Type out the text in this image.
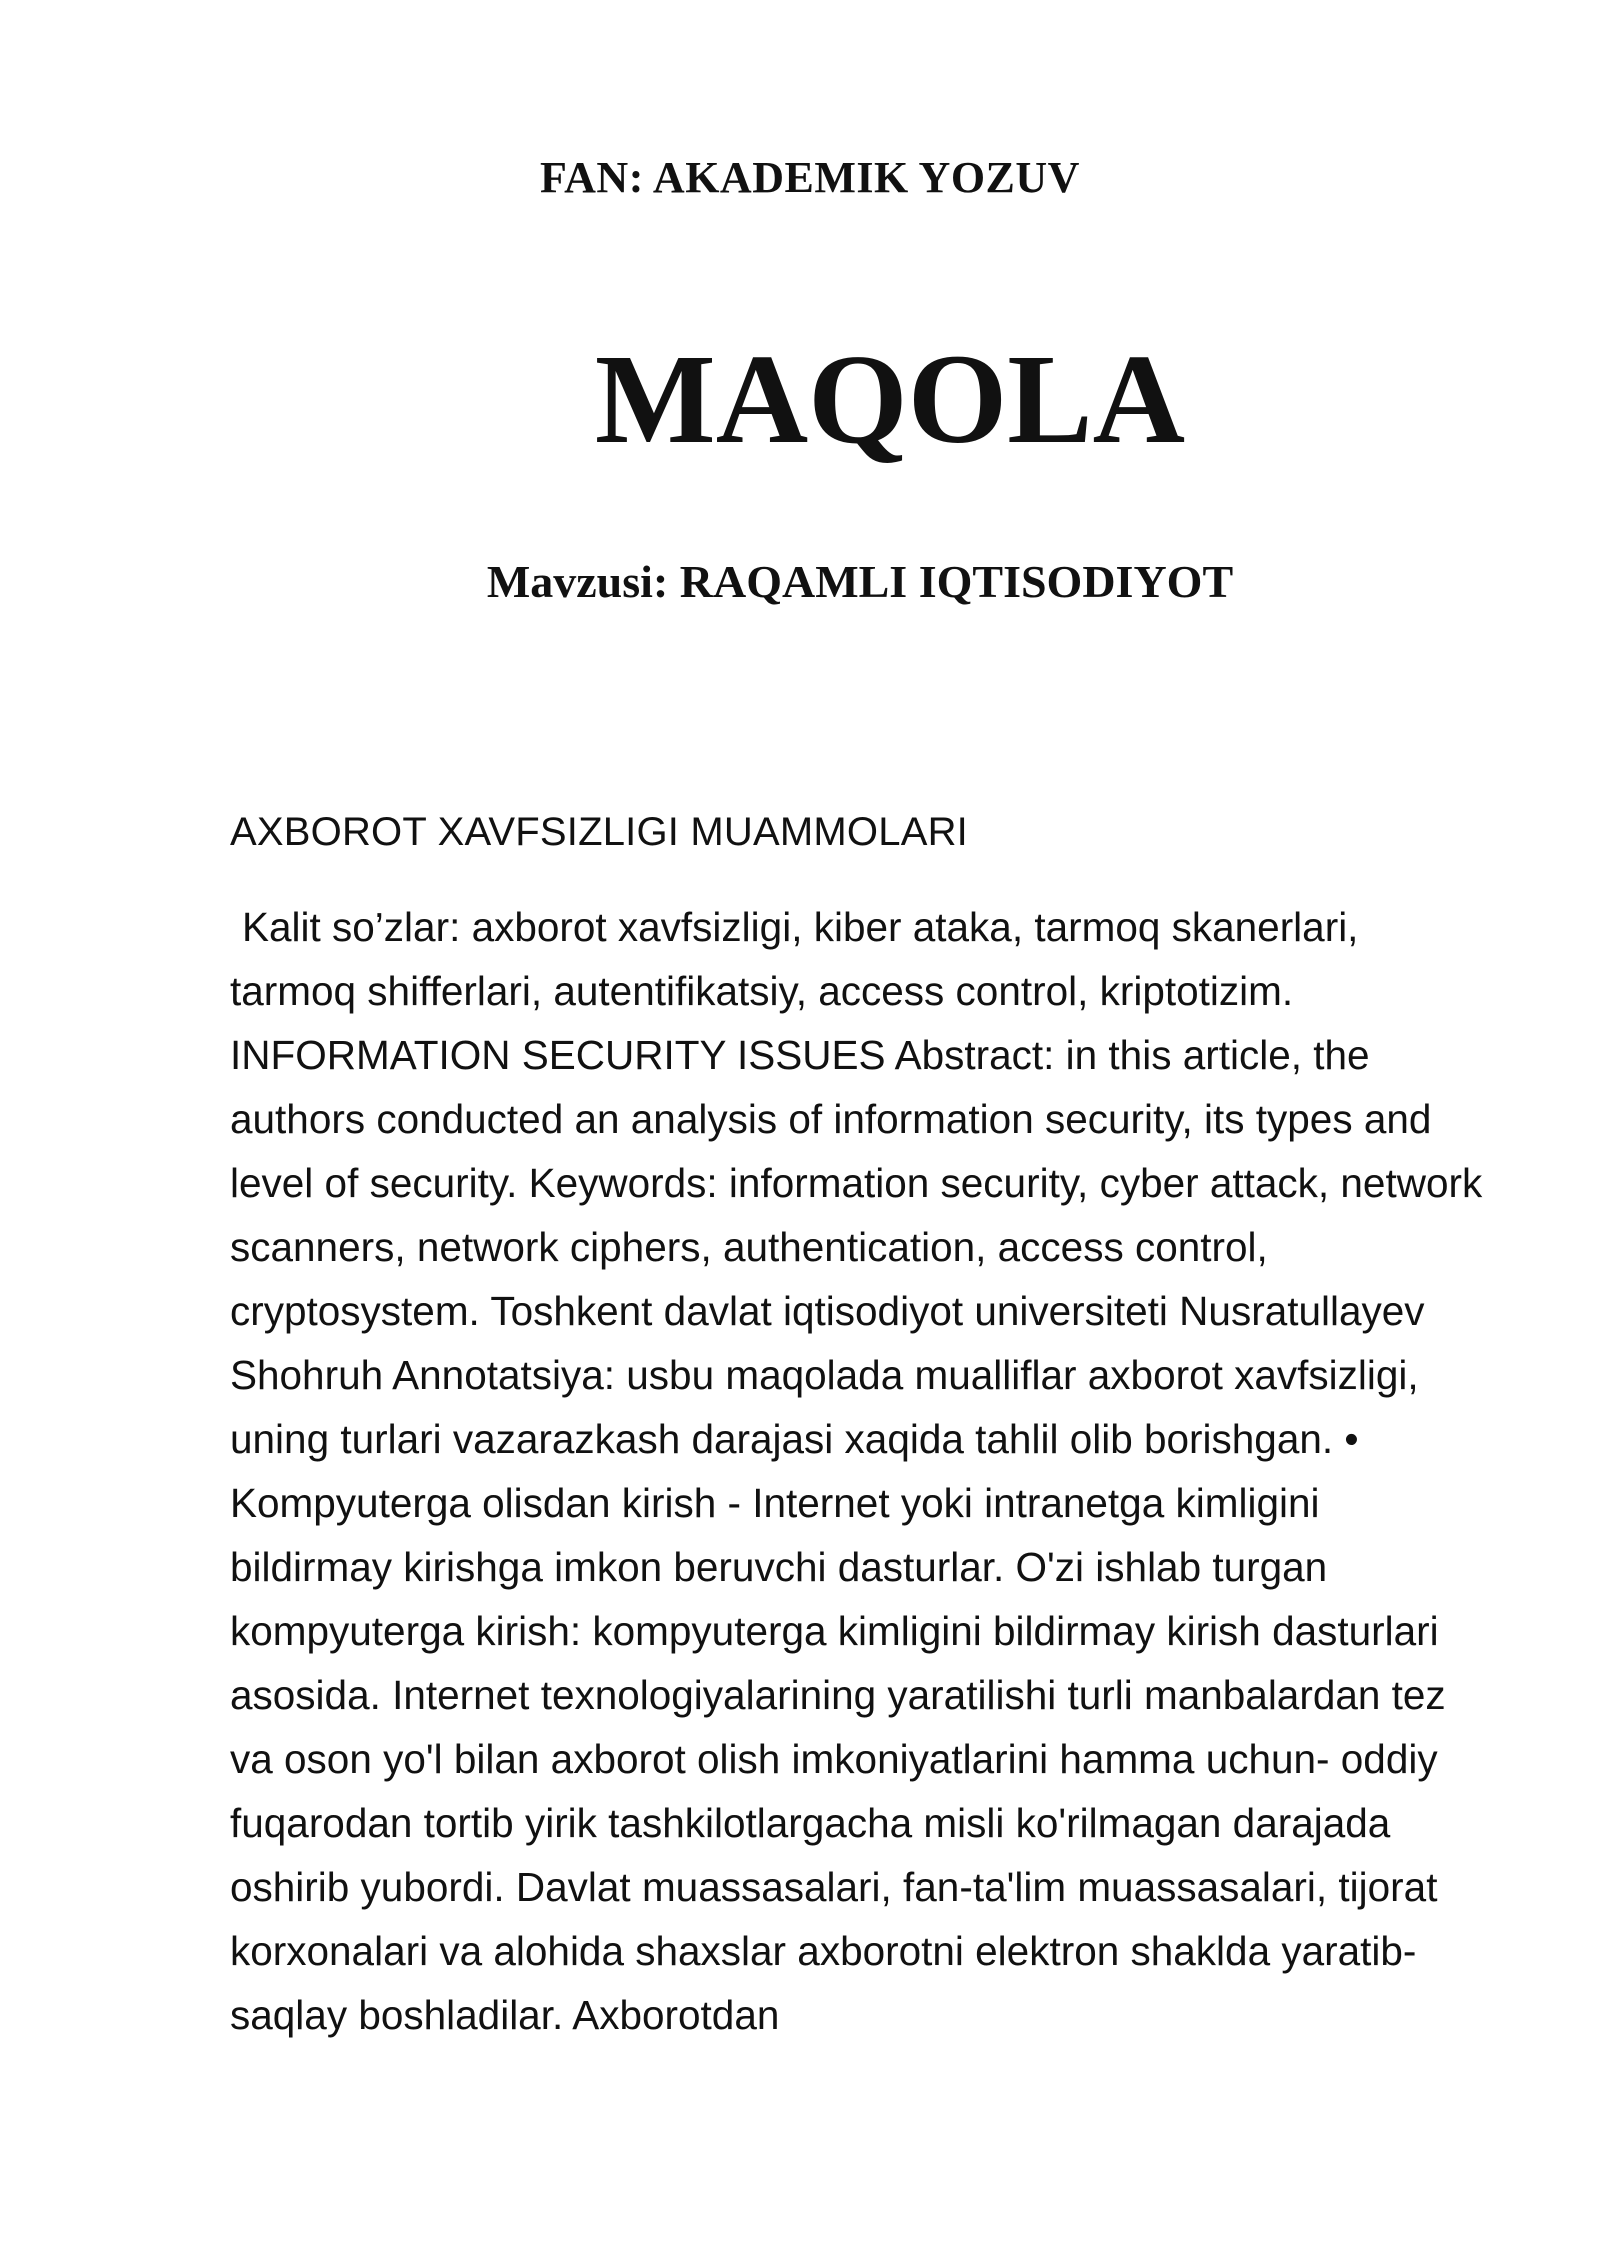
FAN: AKADEMIK YOZUV
MAQOLA
Mavzusi: RAQAMLI IQTISODIYOT
AXBOROT XAVFSIZLIGI MUAMMOLARI

Kalit so’zlar: axborot xavfsizligi, kiber ataka, tarmoq skanerlari, tarmoq shifferlari, autentifikatsiy, access control, kriptotizim. INFORMATION SECURITY ISSUES Abstract: in this article, the authors conducted an analysis of information security, its types and level of security. Keywords: information security, cyber attack, network scanners, network ciphers, authentication, access control, cryptosystem. Toshkent davlat iqtisodiyot universiteti Nusratullayev Shohruh Annotatsiya: usbu maqolada mualliflar axborot xavfsizligi, uning turlari vazarazkash darajasi xaqida tahlil olib borishgan. • Kompyuterga olisdan kirish - Internet yoki intranetga kimligini bildirmay kirishga imkon beruvchi dasturlar. O'zi ishlab turgan kompyuterga kirish: kompyuterga kimligini bildirmay kirish dasturlari asosida. Internet texnologiyalarining yaratilishi turli manbalardan tez va oson yo'l bilan axborot olish imkoniyatlarini hamma uchun- oddiy fuqarodan tortib yirik tashkilotlargacha misli ko'rilmagan darajada oshirib yubordi. Davlat muassasalari, fan-ta'lim muassasalari, tijorat korxonalari va alohida shaxslar axborotni elektron shaklda yaratib-saqlay boshladilar. Axborotdan
